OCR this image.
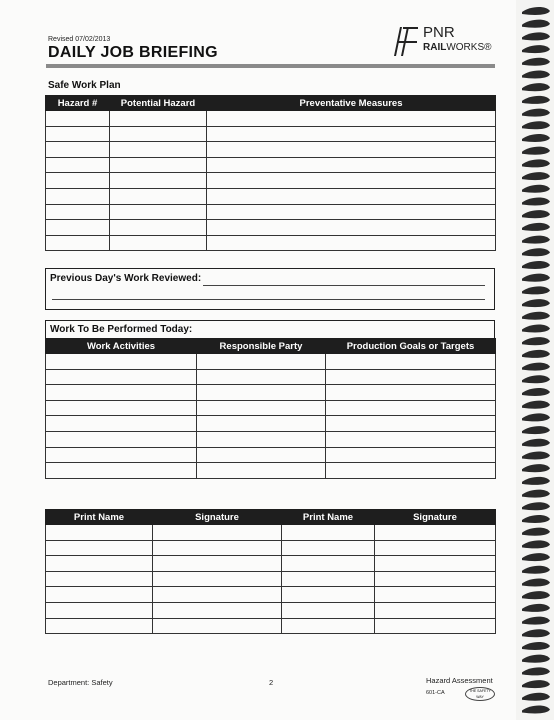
Revised 07/02/2013
DAILY JOB BRIEFING
PNR
RAILWORKS®
Safe Work Plan
Hazard #	Potential Hazard	Preventative Measures

Previous Day's Work Reviewed:
Work To Be Performed Today:
Work Activities	Responsible Party	Production Goals or Targets

Print Name	Signature	Print Name	Signature

Department: Safety	2	Hazard Assessment
601-CA	THE SAFETY WAY
